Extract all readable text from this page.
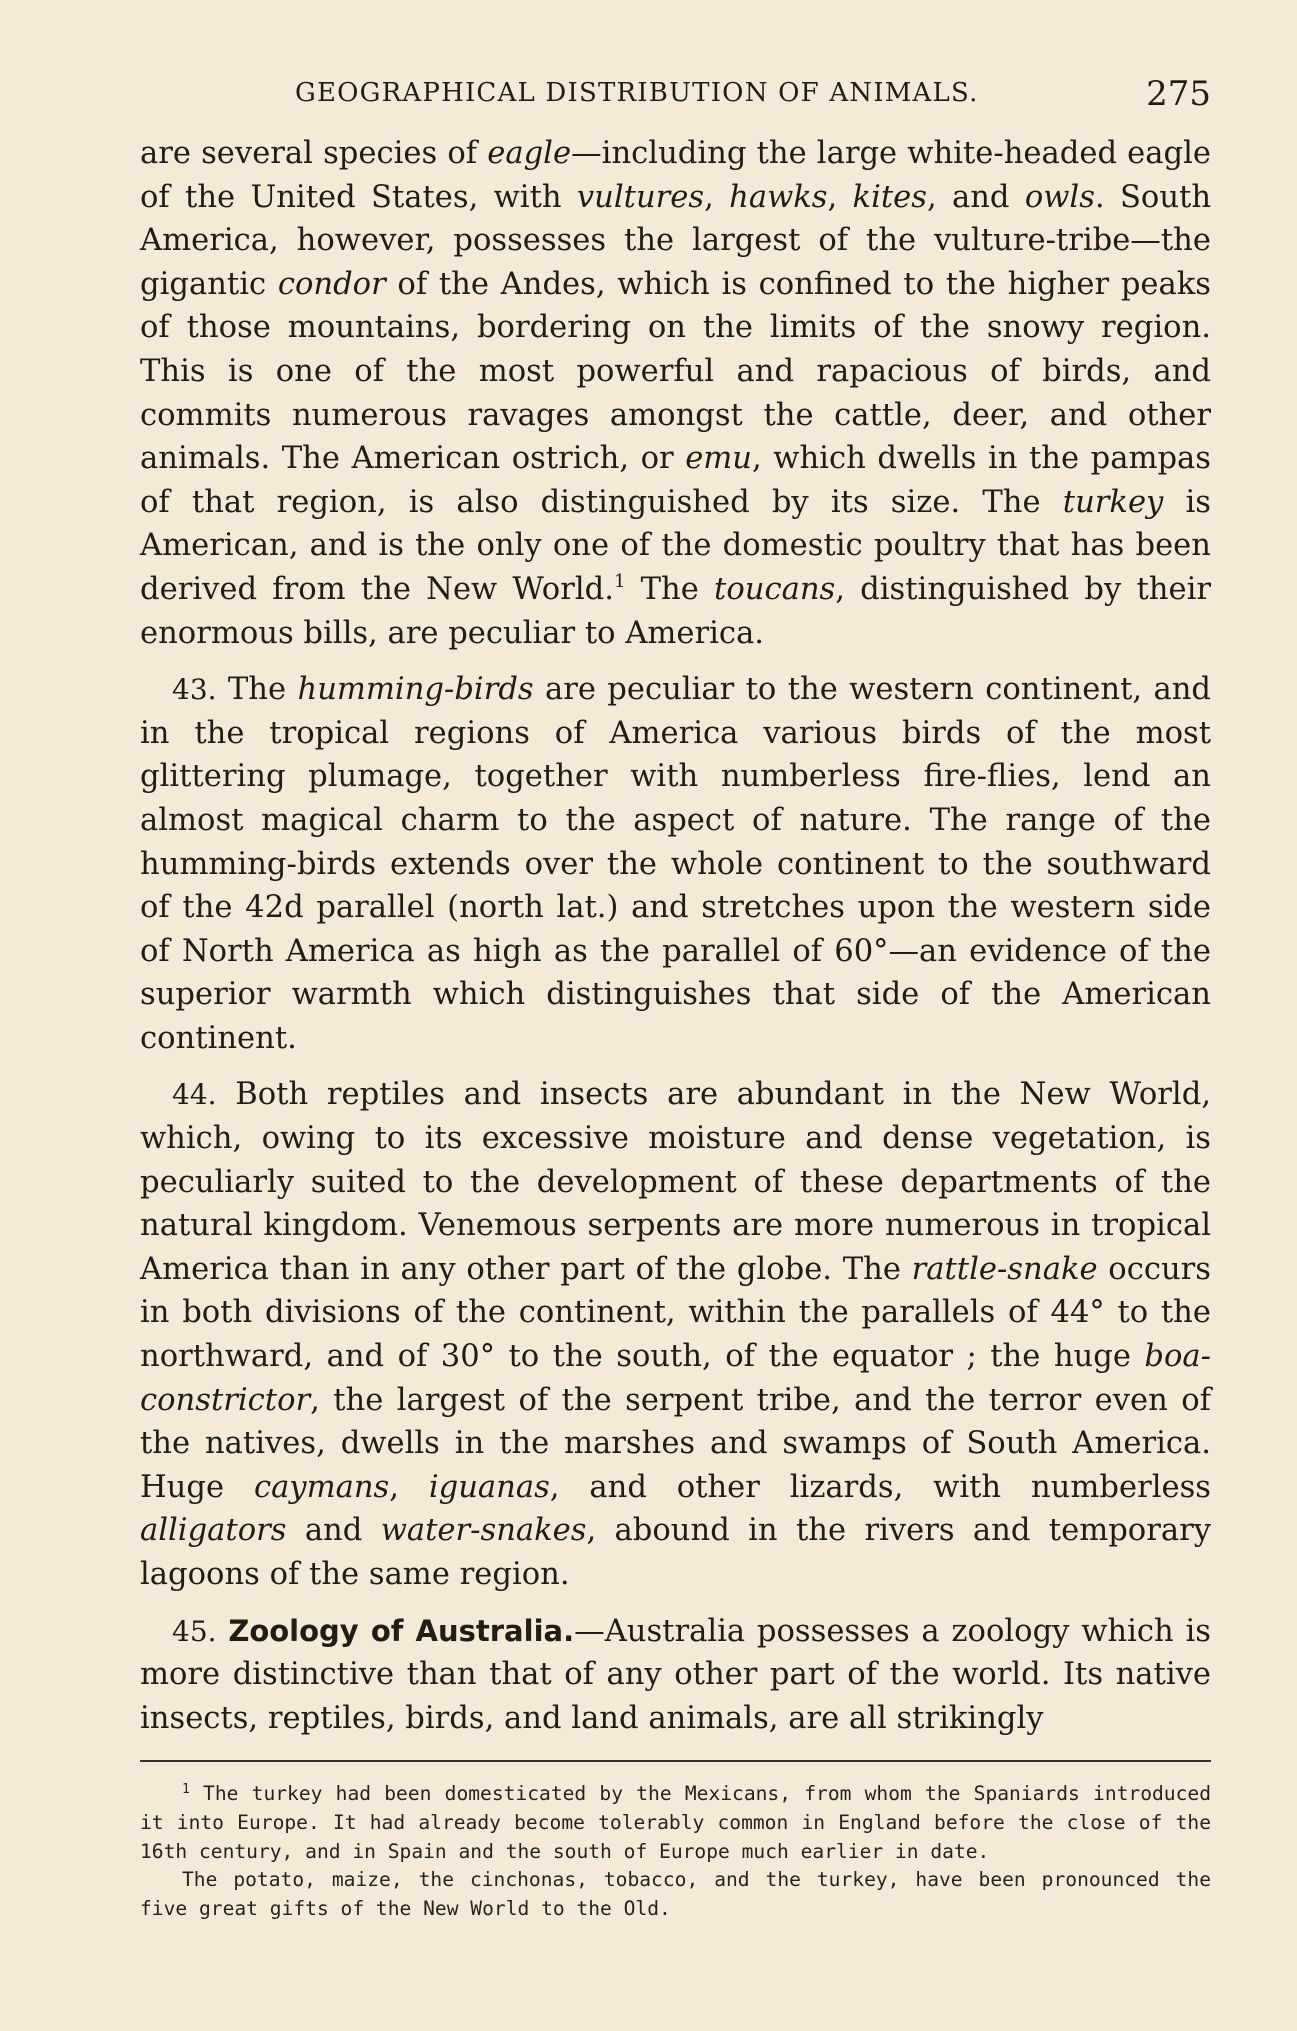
GEOGRAPHICAL DISTRIBUTION OF ANIMALS.	275

are several species of eagle—including the large white-headed eagle of the United States, with vultures, hawks, kites, and owls. South America, however, possesses the largest of the vulture-tribe—the gigantic condor of the Andes, which is confined to the higher peaks of those mountains, bordering on the limits of the snowy region. This is one of the most powerful and rapacious of birds, and commits numerous ravages amongst the cattle, deer, and other animals. The American ostrich, or emu, which dwells in the pampas of that region, is also distinguished by its size. The turkey is American, and is the only one of the domestic poultry that has been derived from the New World.$^1$ The toucans, distinguished by their enormous bills, are peculiar to America.

43. The humming-birds are peculiar to the western continent, and in the tropical regions of America various birds of the most glittering plumage, together with numberless fire-flies, lend an almost magical charm to the aspect of nature. The range of the humming-birds extends over the whole continent to the southward of the 42d parallel (north lat.) and stretches upon the western side of North America as high as the parallel of 60°—an evidence of the superior warmth which distinguishes that side of the American continent.

44. Both reptiles and insects are abundant in the New World, which, owing to its excessive moisture and dense vegetation, is peculiarly suited to the development of these departments of the natural kingdom. Venemous serpents are more numerous in tropical America than in any other part of the globe. The rattle-snake occurs in both divisions of the continent, within the parallels of 44° to the northward, and of 30° to the south, of the equator ; the huge boa-constrictor, the largest of the serpent tribe, and the terror even of the natives, dwells in the marshes and swamps of South America. Huge caymans, iguanas, and other lizards, with numberless alligators and water-snakes, abound in the rivers and temporary lagoons of the same region.

45. Zoology of Australia.—Australia possesses a zoology which is more distinctive than that of any other part of the world. Its native insects, reptiles, birds, and land animals, are all strikingly

$^1$ The turkey had been domesticated by the Mexicans, from whom the Spaniards introduced it into Europe. It had already become tolerably common in England before the close of the 16th century, and in Spain and the south of Europe much earlier in date.

The potato, maize, the cinchonas, tobacco, and the turkey, have been pronounced the five great gifts of the New World to the Old.
